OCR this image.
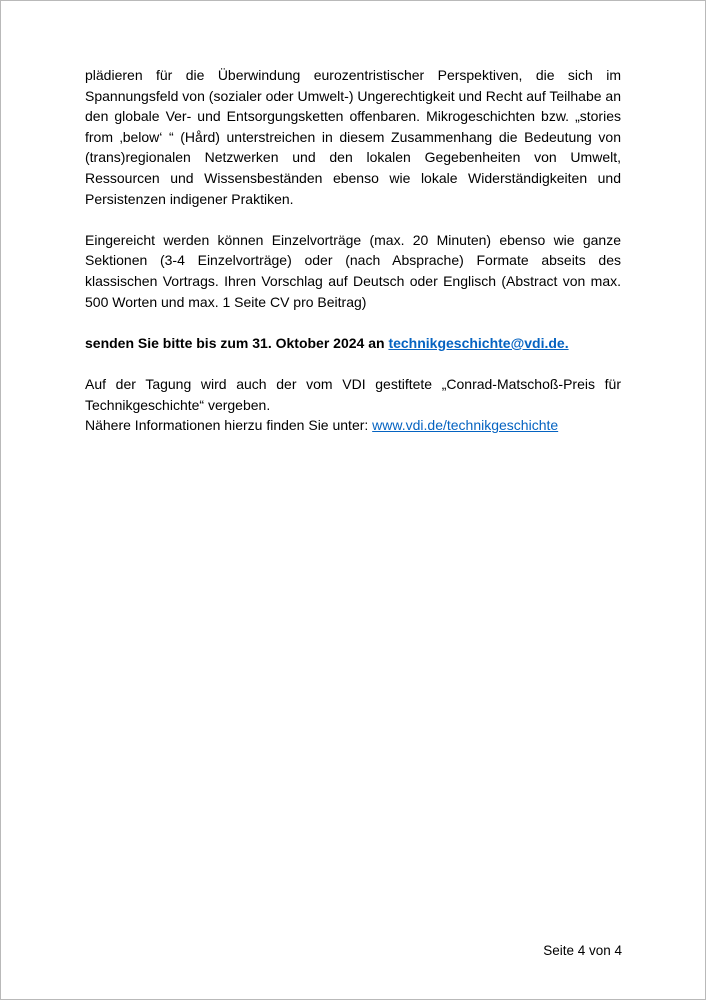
plädieren für die Überwindung eurozentristischer Perspektiven, die sich im Spannungsfeld von (sozialer oder Umwelt-) Ungerechtigkeit und Recht auf Teilhabe an den globale Ver- und Entsorgungsketten offenbaren. Mikrogeschichten bzw. „stories from ‚below‘ “ (Hård) unterstreichen in diesem Zusammenhang die Bedeutung von (trans)regionalen Netzwerken und den lokalen Gegebenheiten von Umwelt, Ressourcen und Wissensbeständen ebenso wie lokale Widerständigkeiten und Persistenzen indigener Praktiken.

Eingereicht werden können Einzelvorträge (max. 20 Minuten) ebenso wie ganze Sektionen (3-4 Einzelvorträge) oder (nach Absprache) Formate abseits des klassischen Vortrags. Ihren Vorschlag auf Deutsch oder Englisch (Abstract von max. 500 Worten und max. 1 Seite CV pro Beitrag)

senden Sie bitte bis zum 31. Oktober 2024 an technikgeschichte@vdi.de.

Auf der Tagung wird auch der vom VDI gestiftete „Conrad-Matschoß-Preis für Technikgeschichte“ vergeben.
Nähere Informationen hierzu finden Sie unter: www.vdi.de/technikgeschichte

Seite 4 von 4
